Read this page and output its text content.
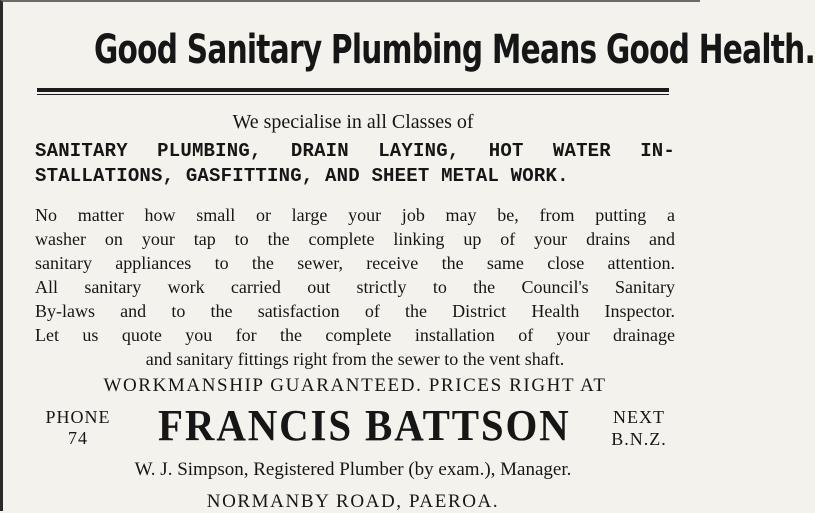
Good Sanitary Plumbing Means Good Health.
We specialise in all Classes of
SANITARY PLUMBING, DRAIN LAYING, HOT WATER IN-
STALLATIONS, GASFITTING, AND SHEET METAL WORK.
No matter how small or large your job may be, from putting a
washer on your tap to the complete linking up of your drains and
sanitary appliances to the sewer, receive the same close attention.
All sanitary work carried out strictly to the Council's Sanitary
By-laws and to the satisfaction of the District Health Inspector.
Let us quote you for the complete installation of your drainage
and sanitary fittings right from the sewer to the vent shaft.
WORKMANSHIP GUARANTEED. PRICES RIGHT AT
PHONE
74	FRANCIS BATTSON	NEXT
B.N.Z.
W. J. Simpson, Registered Plumber (by exam.), Manager.
NORMANBY ROAD, PAEROA.
